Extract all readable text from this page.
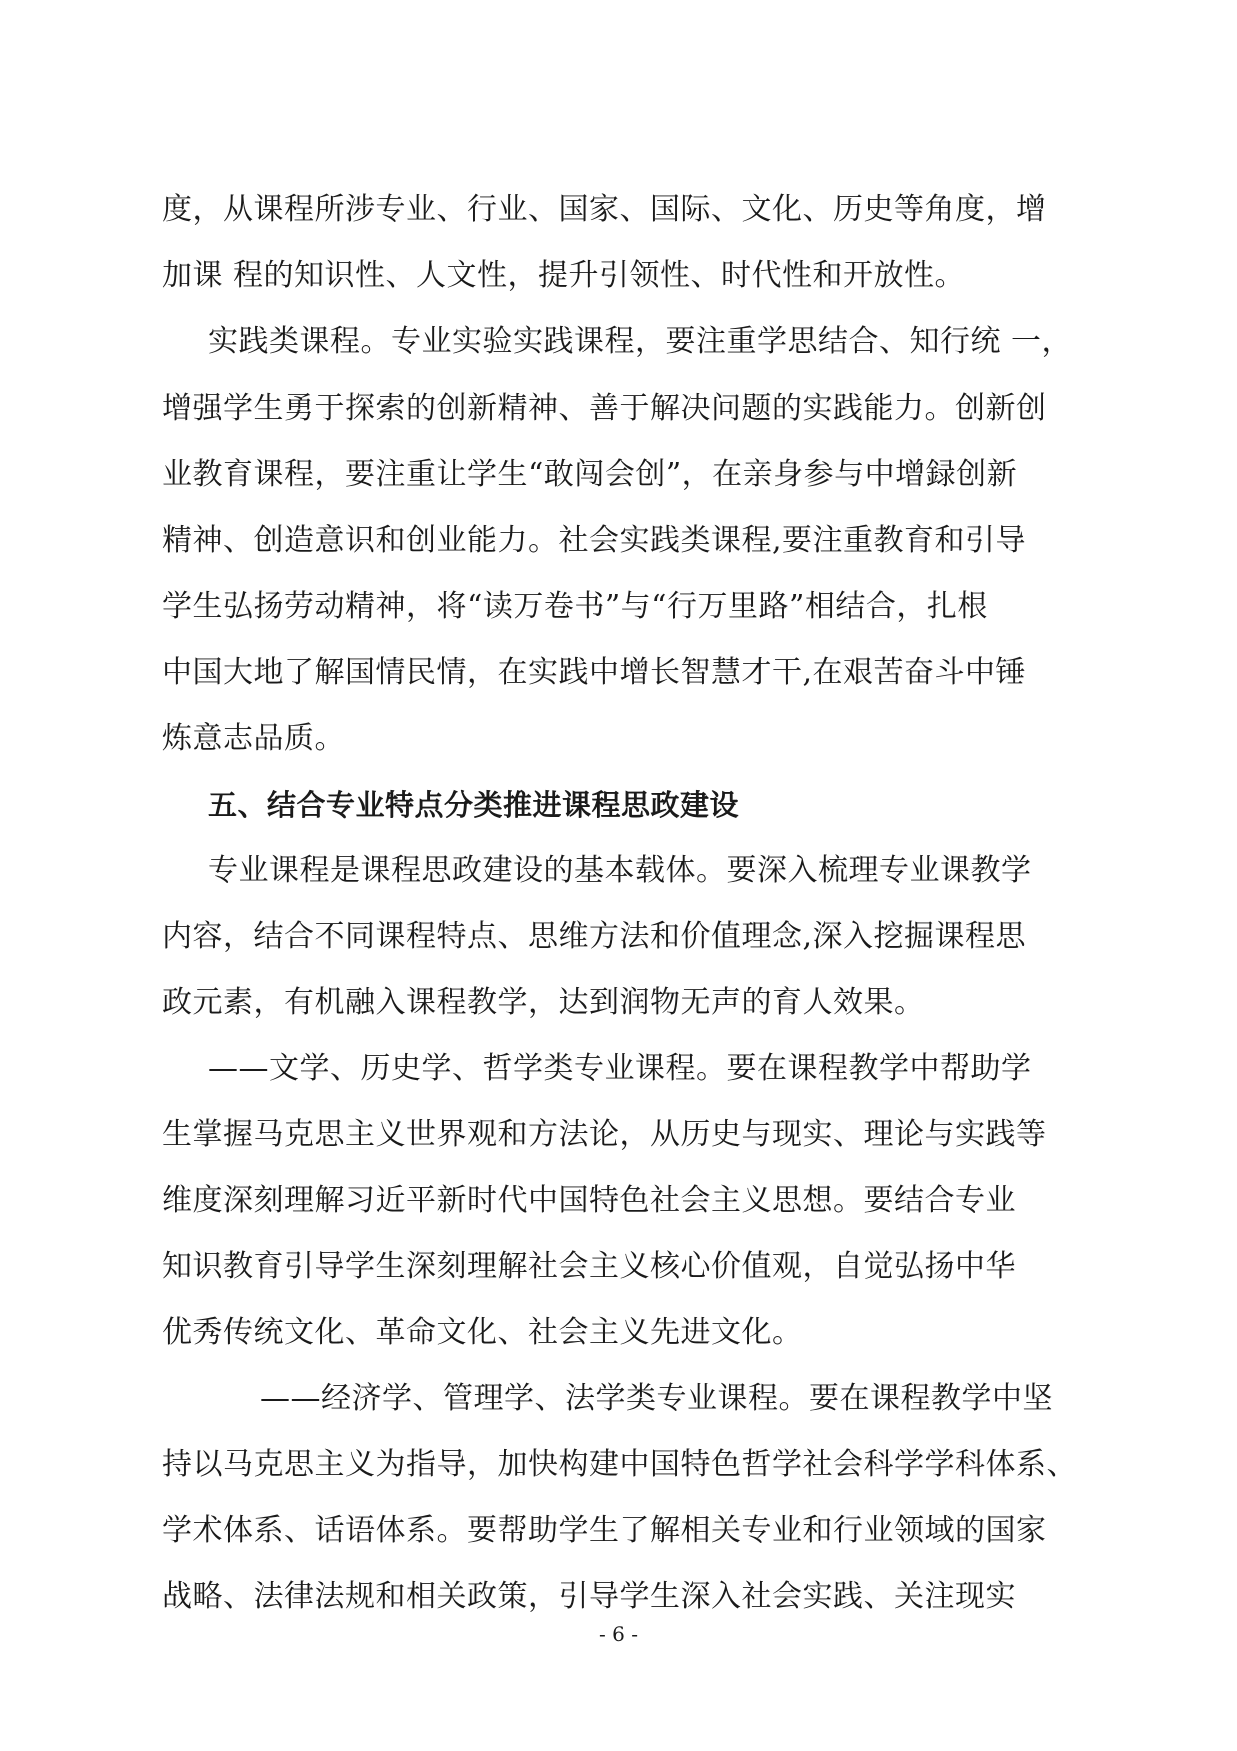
度，从课程所涉专业、行业、国家、国际、文化、历史等角度，增
加课 程的知识性、人文性，提升引领性、时代性和开放性。
实践类课程。专业实验实践课程，要注重学思结合、知行统 一，
增强学生勇于探索的创新精神、善于解决问题的实践能力。创新创
业教育课程，要注重让学生“敢闯会创”，在亲身参与中增録创新
精神、创造意识和创业能力。社会实践类课程,要注重教育和引导
学生弘扬劳动精神，将“读万卷书”与“行万里路”相结合，扎根
中国大地了解国情民情，在实践中增长智慧才干,在艰苦奋斗中锤
炼意志品质。
五、结合专业特点分类推进课程思政建设
专业课程是课程思政建设的基本载体。要深入梳理专业课教学
内容，结合不同课程特点、思维方法和价值理念,深入挖掘课程思
政元素，有机融入课程教学，达到润物无声的育人效果。
——文学、历史学、哲学类专业课程。要在课程教学中帮助学
生掌握马克思主义世界观和方法论，从历史与现实、理论与实践等
维度深刻理解习近平新时代中国特色社会主义思想。要结合专业
知识教育引导学生深刻理解社会主义核心价值观，自觉弘扬中华
优秀传统文化、革命文化、社会主义先进文化。
——经济学、管理学、法学类专业课程。要在课程教学中坚
持以马克思主义为指导，加快构建中国特色哲学社会科学学科体系、
学术体系、话语体系。要帮助学生了解相关专业和行业领域的国家
战略、法律法规和相关政策，引导学生深入社会实践、关注现实
- 6 -
